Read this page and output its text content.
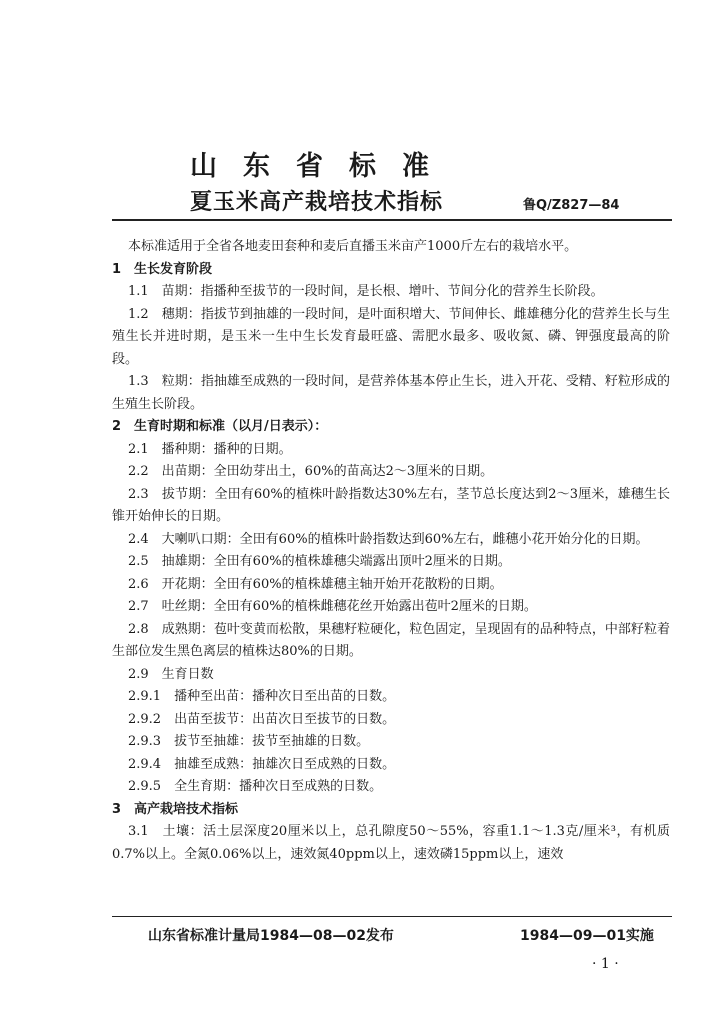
山东省标准
夏玉米高产栽培技术指标	鲁Q/Z827—84

本标准适用于全省各地麦田套种和麦后直播玉米亩产1000斤左右的栽培水平。

1　生长发育阶段

1.1　苗期：指播种至拔节的一段时间，是长根、增叶、节间分化的营养生长阶段。

1.2　穗期：指拔节到抽雄的一段时间，是叶面积增大、节间伸长、雌雄穗分化的营养生长与生殖生长并进时期，是玉米一生中生长发育最旺盛、需肥水最多、吸收氮、磷、钾强度最高的阶段。

1.3　粒期：指抽雄至成熟的一段时间，是营养体基本停止生长，进入开花、受精、籽粒形成的生殖生长阶段。

2　生育时期和标准（以月/日表示）：

2.1　播种期：播种的日期。

2.2　出苗期：全田幼芽出土，60%的苗高达2～3厘米的日期。

2.3　拔节期：全田有60%的植株叶龄指数达30%左右，茎节总长度达到2～3厘米，雄穗生长锥开始伸长的日期。

2.4　大喇叭口期：全田有60%的植株叶龄指数达到60%左右，雌穗小花开始分化的日期。

2.5　抽雄期：全田有60%的植株雄穗尖端露出顶叶2厘米的日期。

2.6　开花期：全田有60%的植株雄穗主轴开始开花散粉的日期。

2.7　吐丝期：全田有60%的植株雌穗花丝开始露出苞叶2厘米的日期。

2.8　成熟期：苞叶变黄而松散，果穗籽粒硬化，粒色固定，呈现固有的品种特点，中部籽粒着生部位发生黑色离层的植株达80%的日期。

2.9　生育日数

2.9.1　播种至出苗：播种次日至出苗的日数。

2.9.2　出苗至拔节：出苗次日至拔节的日数。

2.9.3　拔节至抽雄：拔节至抽雄的日数。

2.9.4　抽雄至成熟：抽雄次日至成熟的日数。

2.9.5　全生育期：播种次日至成熟的日数。

3　高产栽培技术指标

3.1　土壤：活土层深度20厘米以上，总孔隙度50～55%，容重1.1～1.3克/厘米³，有机质0.7%以上。全氮0.06%以上，速效氮40ppm以上，速效磷15ppm以上，速效

山东省标准计量局1984—08—02发布	1984—09—01实施
· 1 ·
